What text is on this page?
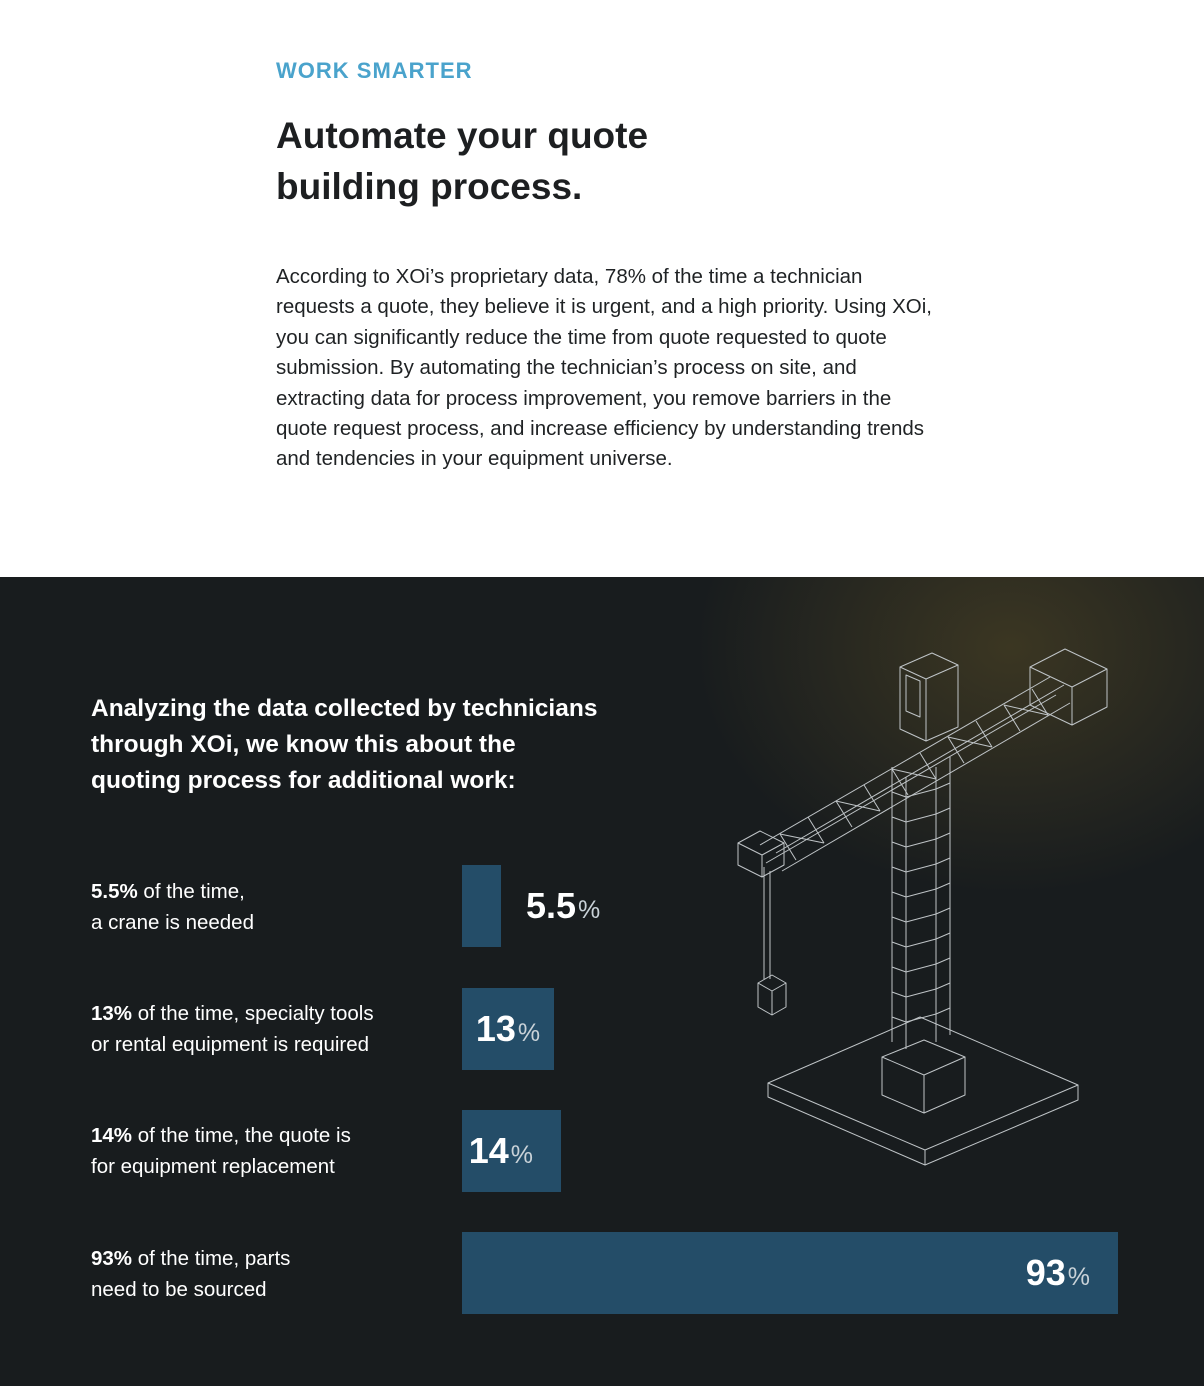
WORK SMARTER
Automate your quote
building process.

According to XOi’s proprietary data, 78% of the time a technician requests a quote, they believe it is urgent, and a high priority. Using XOi, you can significantly reduce the time from quote requested to quote submission. By automating the technician’s process on site, and extracting data for process improvement, you remove barriers in the quote request process, and increase efficiency by understanding trends and tendencies in your equipment universe.

Analyzing the data collected by technicians
through XOi, we know this about the
quoting process for additional work:
5.5% of the time,
a crane is needed	5.5%
13% of the time, specialty tools
or rental equipment is required	13%
14% of the time, the quote is
for equipment replacement	14%
93% of the time, parts
need to be sourced	93%
